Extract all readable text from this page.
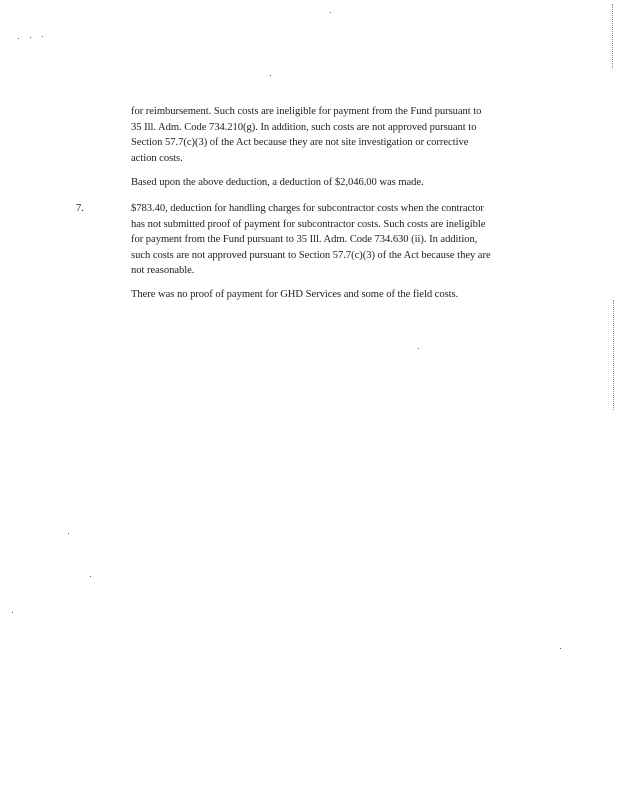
for reimbursement. Such costs are ineligible for payment from the Fund pursuant to
35 Ill. Adm. Code 734.210(g). In addition, such costs are not approved pursuant to
Section 57.7(c)(3) of the Act because they are not site investigation or corrective
action costs.

Based upon the above deduction, a deduction of $2,046.00 was made.

7.	$783.40, deduction for handling charges for subcontractor costs when the contractor
has not submitted proof of payment for subcontractor costs. Such costs are ineligible
for payment from the Fund pursuant to 35 Ill. Adm. Code 734.630 (ii). In addition,
such costs are not approved pursuant to Section 57.7(c)(3) of the Act because they are
not reasonable.

There was no proof of payment for GHD Services and some of the field costs.
